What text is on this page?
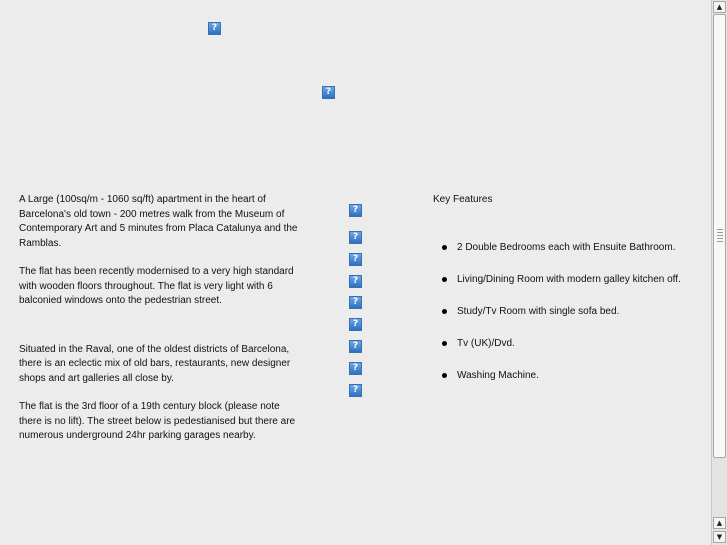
?
?

A Large (100sq/m - 1060 sq/ft) apartment in the heart of Barcelona's old town - 200 metres walk from the Museum of Contemporary Art and 5 minutes from Placa Catalunya and the Ramblas.

The flat has been recently modernised to a very high standard with wooden floors throughout. The flat is very light with 6 balconied windows onto the pedestrian street.

Situated in the Raval, one of the oldest districts of Barcelona, there is an eclectic mix of old bars, restaurants, new designer shops and art galleries all close by.

The flat is the 3rd floor of a 19th century block (please note there is no lift). The street below is pedestianised but there are numerous underground 24hr parking garages nearby.

?
?
?
?
?
?
?
?
?
Key Features
2 Double Bedrooms each with Ensuite Bathroom.
Living/Dining Room with modern galley kitchen off.
Study/Tv Room with single sofa bed.
Tv (UK)/Dvd.
Washing Machine.
▲
▲
▼
